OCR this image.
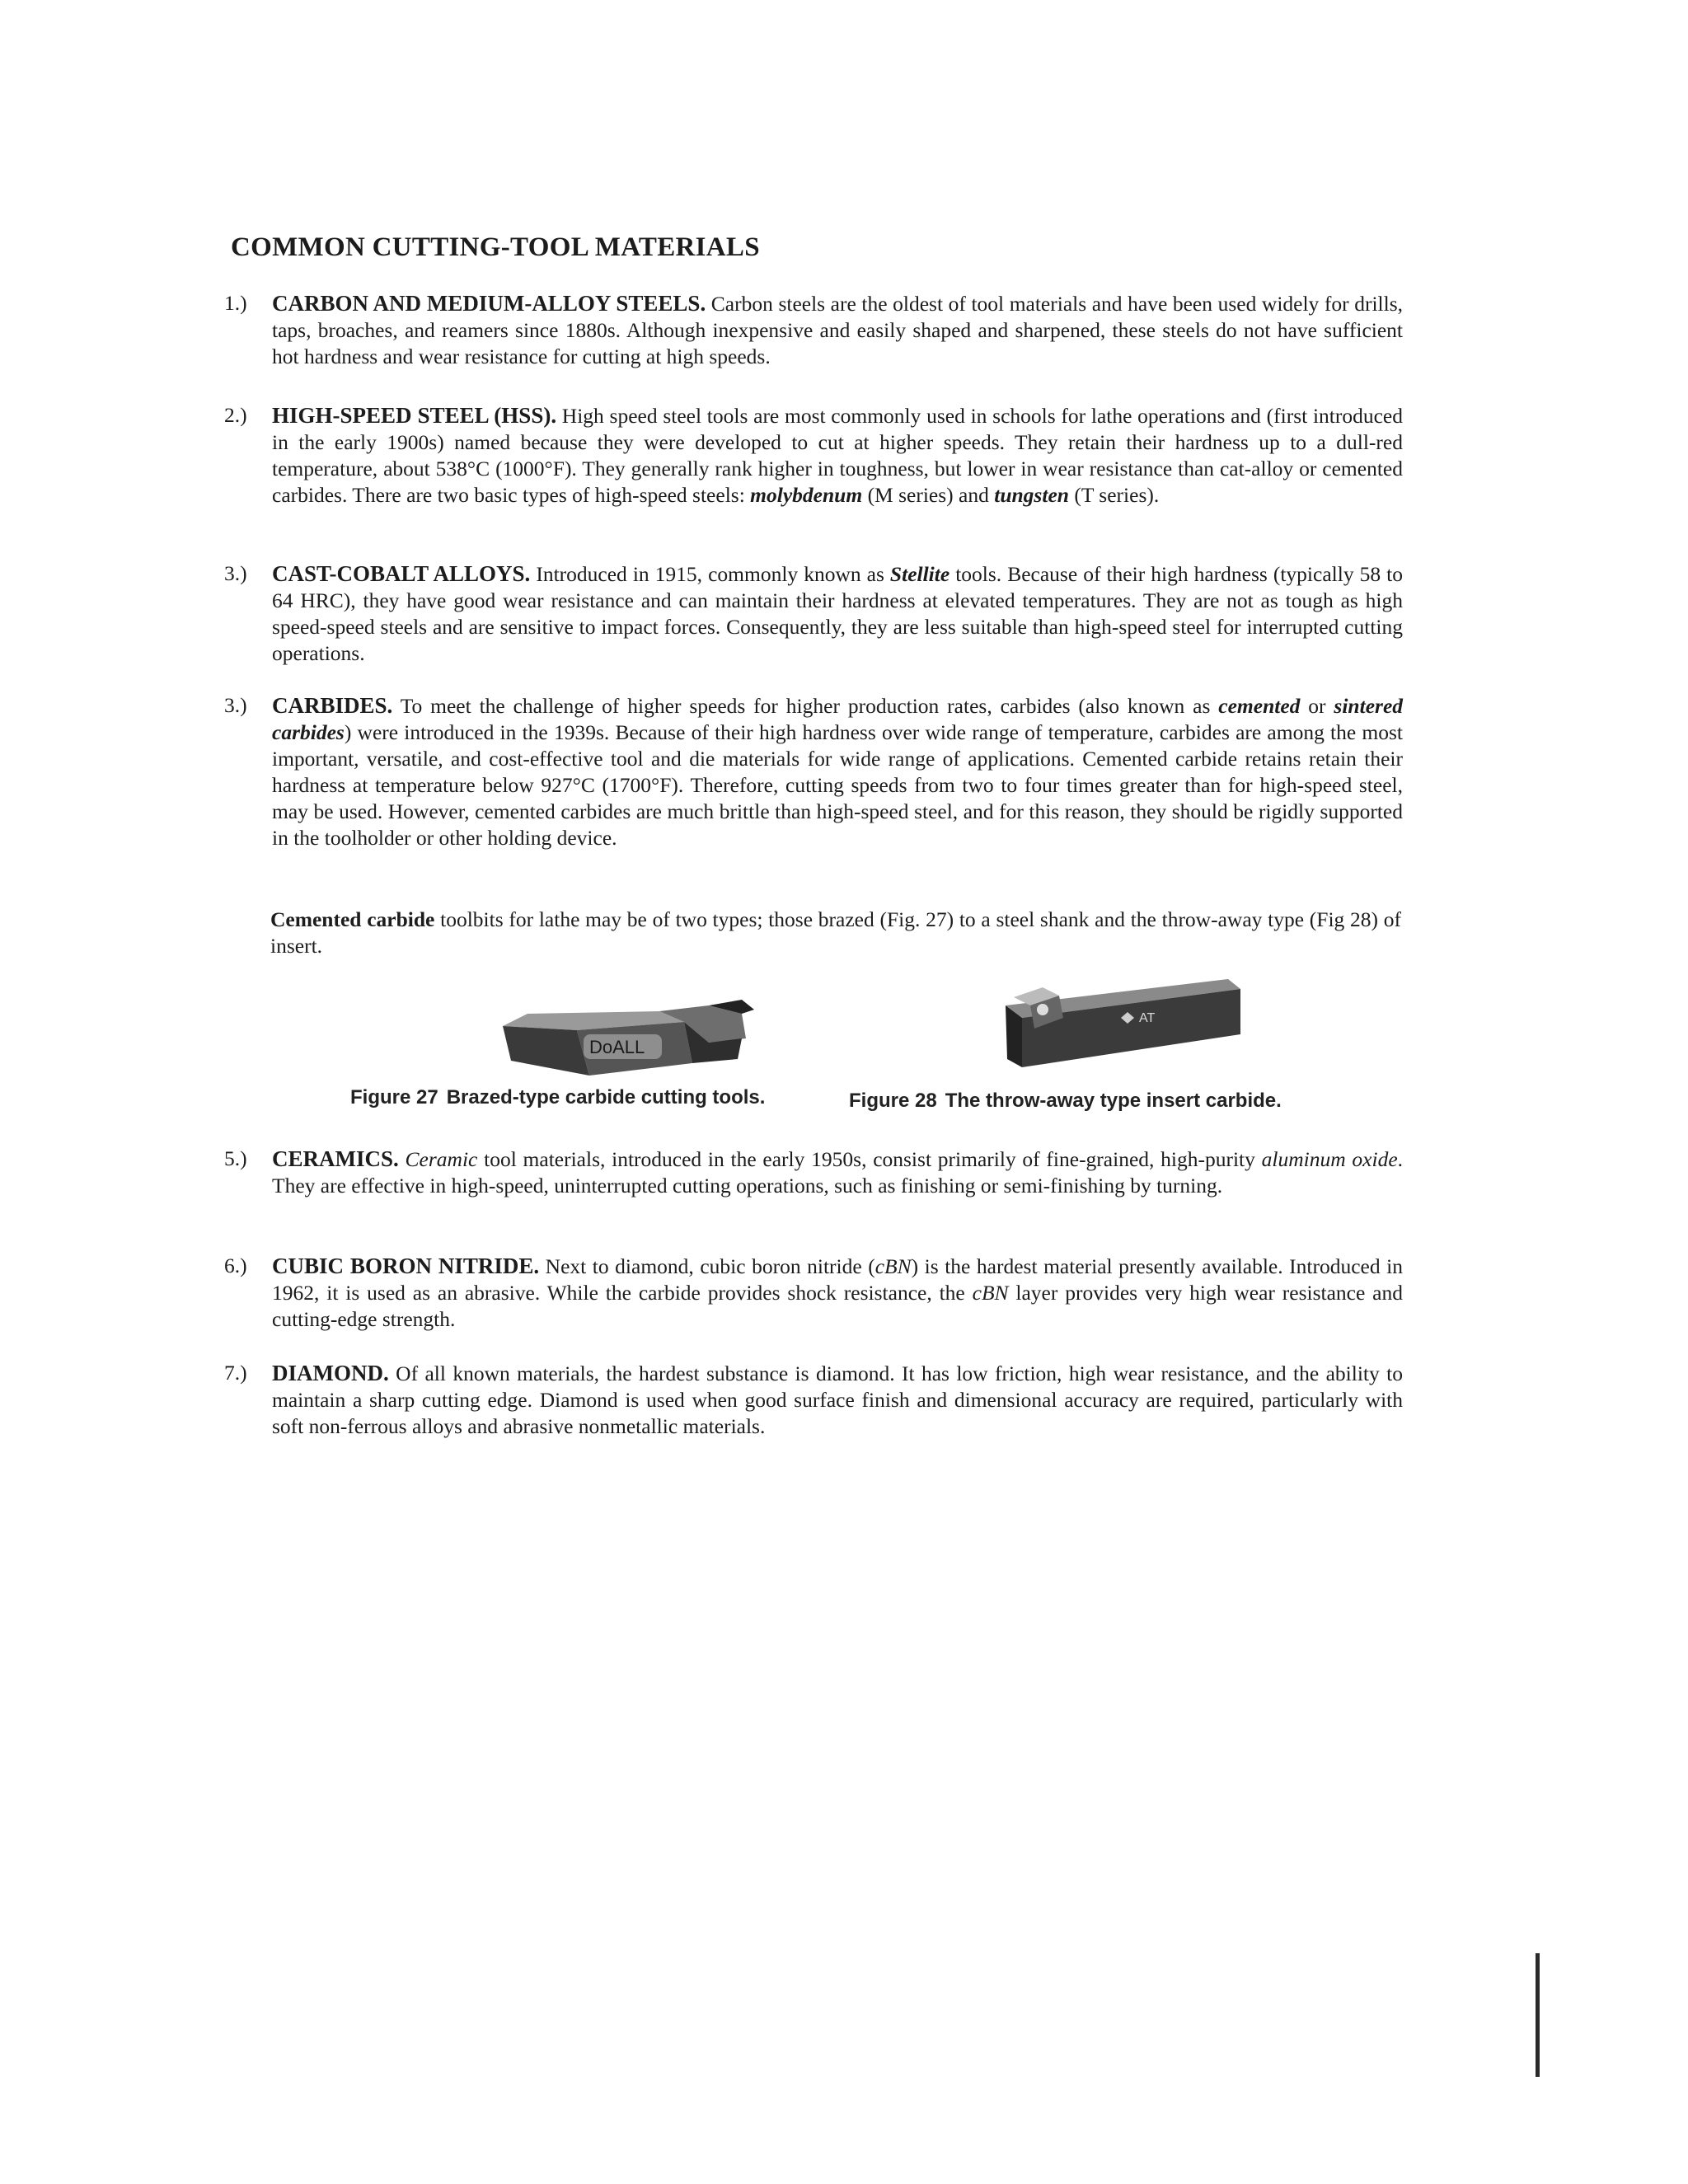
COMMON CUTTING-TOOL MATERIALS
1.)	CARBON AND MEDIUM-ALLOY STEELS. Carbon steels are the oldest of tool materials and have been used widely for drills, taps, broaches, and reamers since 1880s. Although inexpensive and easily shaped and sharpened, these steels do not have sufficient hot hardness and wear resistance for cutting at high speeds.
2.)	HIGH-SPEED STEEL (HSS). High speed steel tools are most commonly used in schools for lathe operations and (first introduced in the early 1900s) named because they were developed to cut at higher speeds. They retain their hardness up to a dull-red temperature, about 538°C (1000°F). They generally rank higher in toughness, but lower in wear resistance than cat-alloy or cemented carbides. There are two basic types of high-speed steels: molybdenum (M series) and tungsten (T series).
3.)	CAST-COBALT ALLOYS. Introduced in 1915, commonly known as Stellite tools. Because of their high hardness (typically 58 to 64 HRC), they have good wear resistance and can maintain their hardness at elevated temperatures. They are not as tough as high speed-speed steels and are sensitive to impact forces. Consequently, they are less suitable than high-speed steel for interrupted cutting operations.
3.)	CARBIDES. To meet the challenge of higher speeds for higher production rates, carbides (also known as cemented or sintered carbides) were introduced in the 1939s. Because of their high hardness over wide range of temperature, carbides are among the most important, versatile, and cost-effective tool and die materials for wide range of applications. Cemented carbide retains retain their hardness at temperature below 927°C (1700°F). Therefore, cutting speeds from two to four times greater than for high-speed steel, may be used. However, cemented carbides are much brittle than high-speed steel, and for this reason, they should be rigidly supported in the toolholder or other holding device.
Cemented carbide toolbits for lathe may be of two types; those brazed (Fig. 27) to a steel shank and the throw-away type (Fig 28) of insert.
DoALL
AT
Figure 27 Brazed-type carbide cutting tools.	Figure 28 The throw-away type insert carbide.
5.)	CERAMICS. Ceramic tool materials, introduced in the early 1950s, consist primarily of fine-grained, high-purity aluminum oxide. They are effective in high-speed, uninterrupted cutting operations, such as finishing or semi-finishing by turning.
6.)	CUBIC BORON NITRIDE. Next to diamond, cubic boron nitride (cBN) is the hardest material presently available. Introduced in 1962, it is used as an abrasive. While the carbide provides shock resistance, the cBN layer provides very high wear resistance and cutting-edge strength.
7.)	DIAMOND. Of all known materials, the hardest substance is diamond. It has low friction, high wear resistance, and the ability to maintain a sharp cutting edge. Diamond is used when good surface finish and dimensional accuracy are required, particularly with soft non-ferrous alloys and abrasive nonmetallic materials.
